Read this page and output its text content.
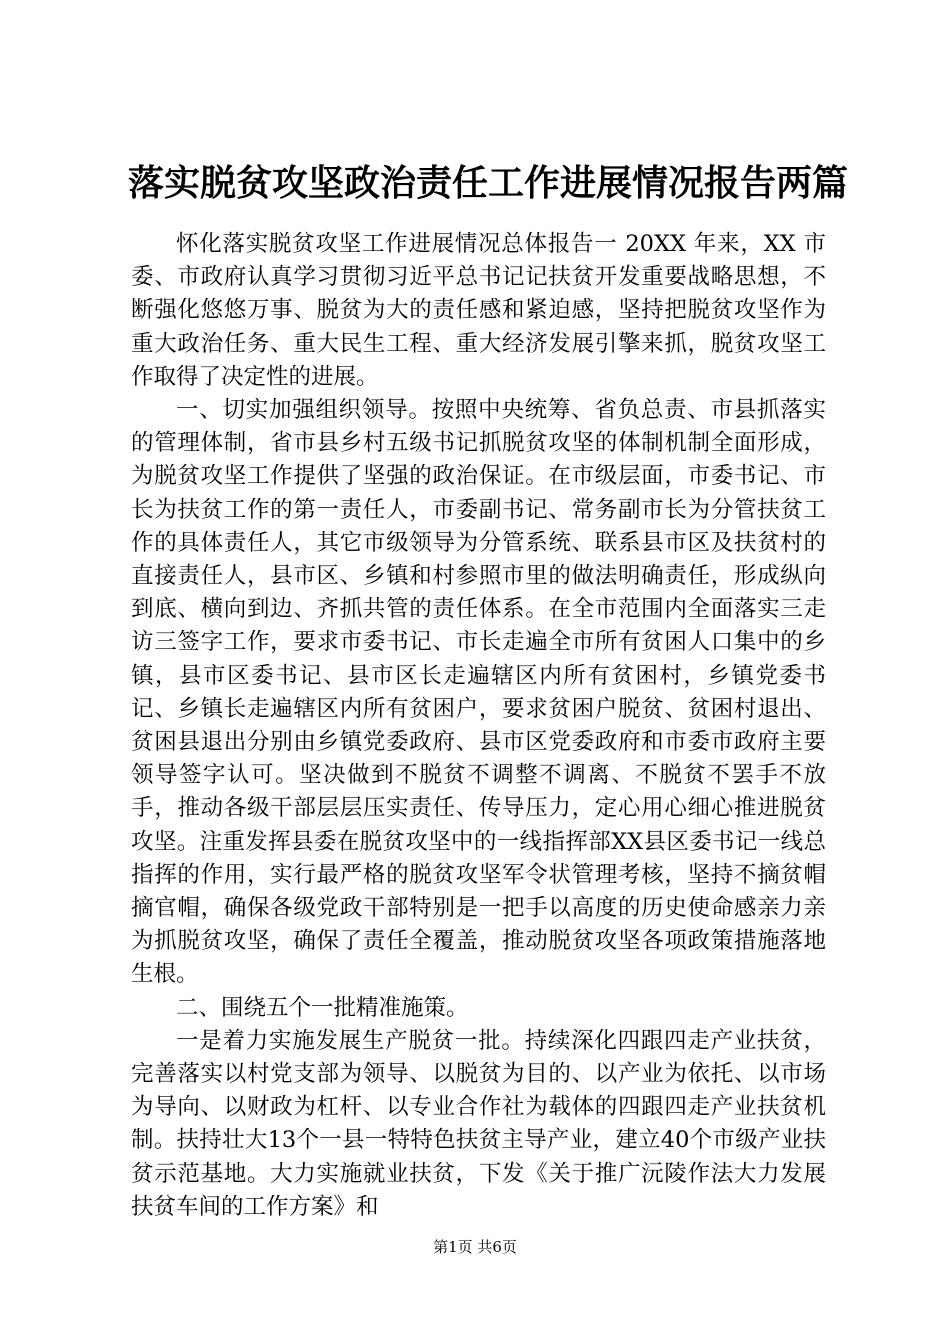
落实脱贫攻坚政治责任工作进展情况报告两篇

怀化落实脱贫攻坚工作进展情况总体报告一 20XX 年来，XX 市委、市政府认真学习贯彻习近平总书记记扶贫开发重要战略思想，不断强化悠悠万事、脱贫为大的责任感和紧迫感，坚持把脱贫攻坚作为重大政治任务、重大民生工程、重大经济发展引擎来抓，脱贫攻坚工作取得了决定性的进展。

一、切实加强组织领导。按照中央统筹、省负总责、市县抓落实的管理体制，省市县乡村五级书记抓脱贫攻坚的体制机制全面形成，为脱贫攻坚工作提供了坚强的政治保证。在市级层面，市委书记、市长为扶贫工作的第一责任人，市委副书记、常务副市长为分管扶贫工作的具体责任人，其它市级领导为分管系统、联系县市区及扶贫村的直接责任人，县市区、乡镇和村参照市里的做法明确责任，形成纵向到底、横向到边、齐抓共管的责任体系。在全市范围内全面落实三走访三签字工作，要求市委书记、市长走遍全市所有贫困人口集中的乡镇，县市区委书记、县市区长走遍辖区内所有贫困村，乡镇党委书记、乡镇长走遍辖区内所有贫困户，要求贫困户脱贫、贫困村退出、贫困县退出分别由乡镇党委政府、县市区党委政府和市委市政府主要领导签字认可。坚决做到不脱贫不调整不调离、不脱贫不罢手不放手，推动各级干部层层压实责任、传导压力，定心用心细心推进脱贫攻坚。注重发挥县委在脱贫攻坚中的一线指挥部XX县区委书记一线总指挥的作用，实行最严格的脱贫攻坚军令状管理考核，坚持不摘贫帽摘官帽，确保各级党政干部特别是一把手以高度的历史使命感亲力亲为抓脱贫攻坚，确保了责任全覆盖，推动脱贫攻坚各项政策措施落地生根。

二、围绕五个一批精准施策。

一是着力实施发展生产脱贫一批。持续深化四跟四走产业扶贫，完善落实以村党支部为领导、以脱贫为目的、以产业为依托、以市场为导向、以财政为杠杆、以专业合作社为载体的四跟四走产业扶贫机制。扶持壮大13个一县一特特色扶贫主导产业，建立40个市级产业扶贫示范基地。大力实施就业扶贫，下发《关于推广沅陵作法大力发展扶贫车间的工作方案》和

第1页 共6页
